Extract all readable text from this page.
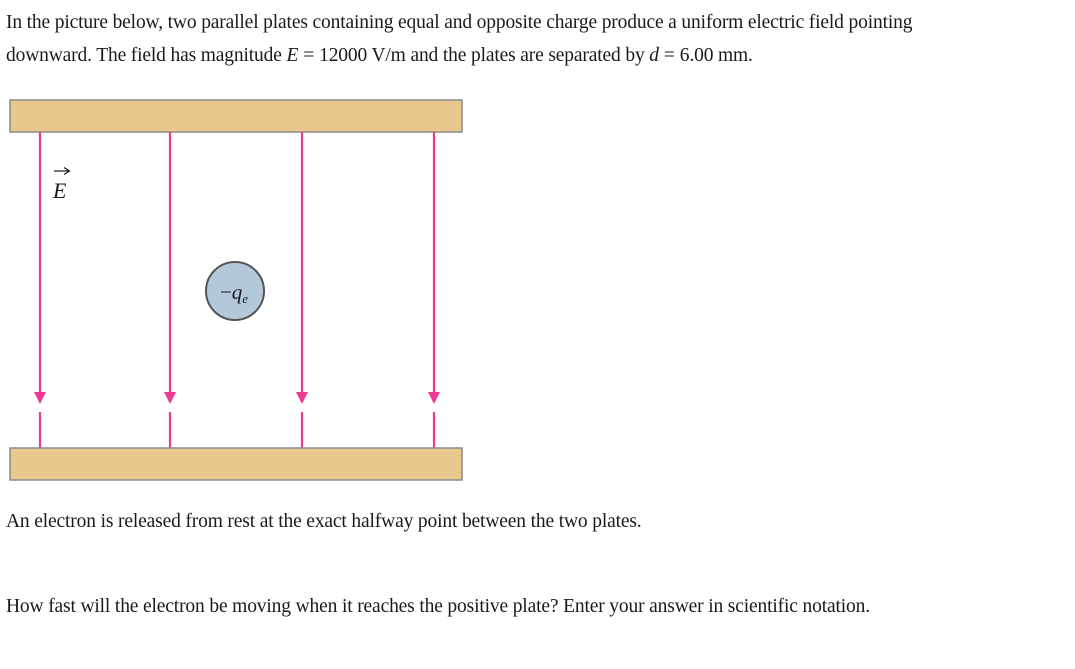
In the picture below, two parallel plates containing equal and opposite charge produce a uniform electric field pointing
downward. The field has magnitude E = 12000 V/m and the plates are separated by d = 6.00 mm.

E
−qe

An electron is released from rest at the exact halfway point between the two plates.

How fast will the electron be moving when it reaches the positive plate? Enter your answer in scientific notation.
